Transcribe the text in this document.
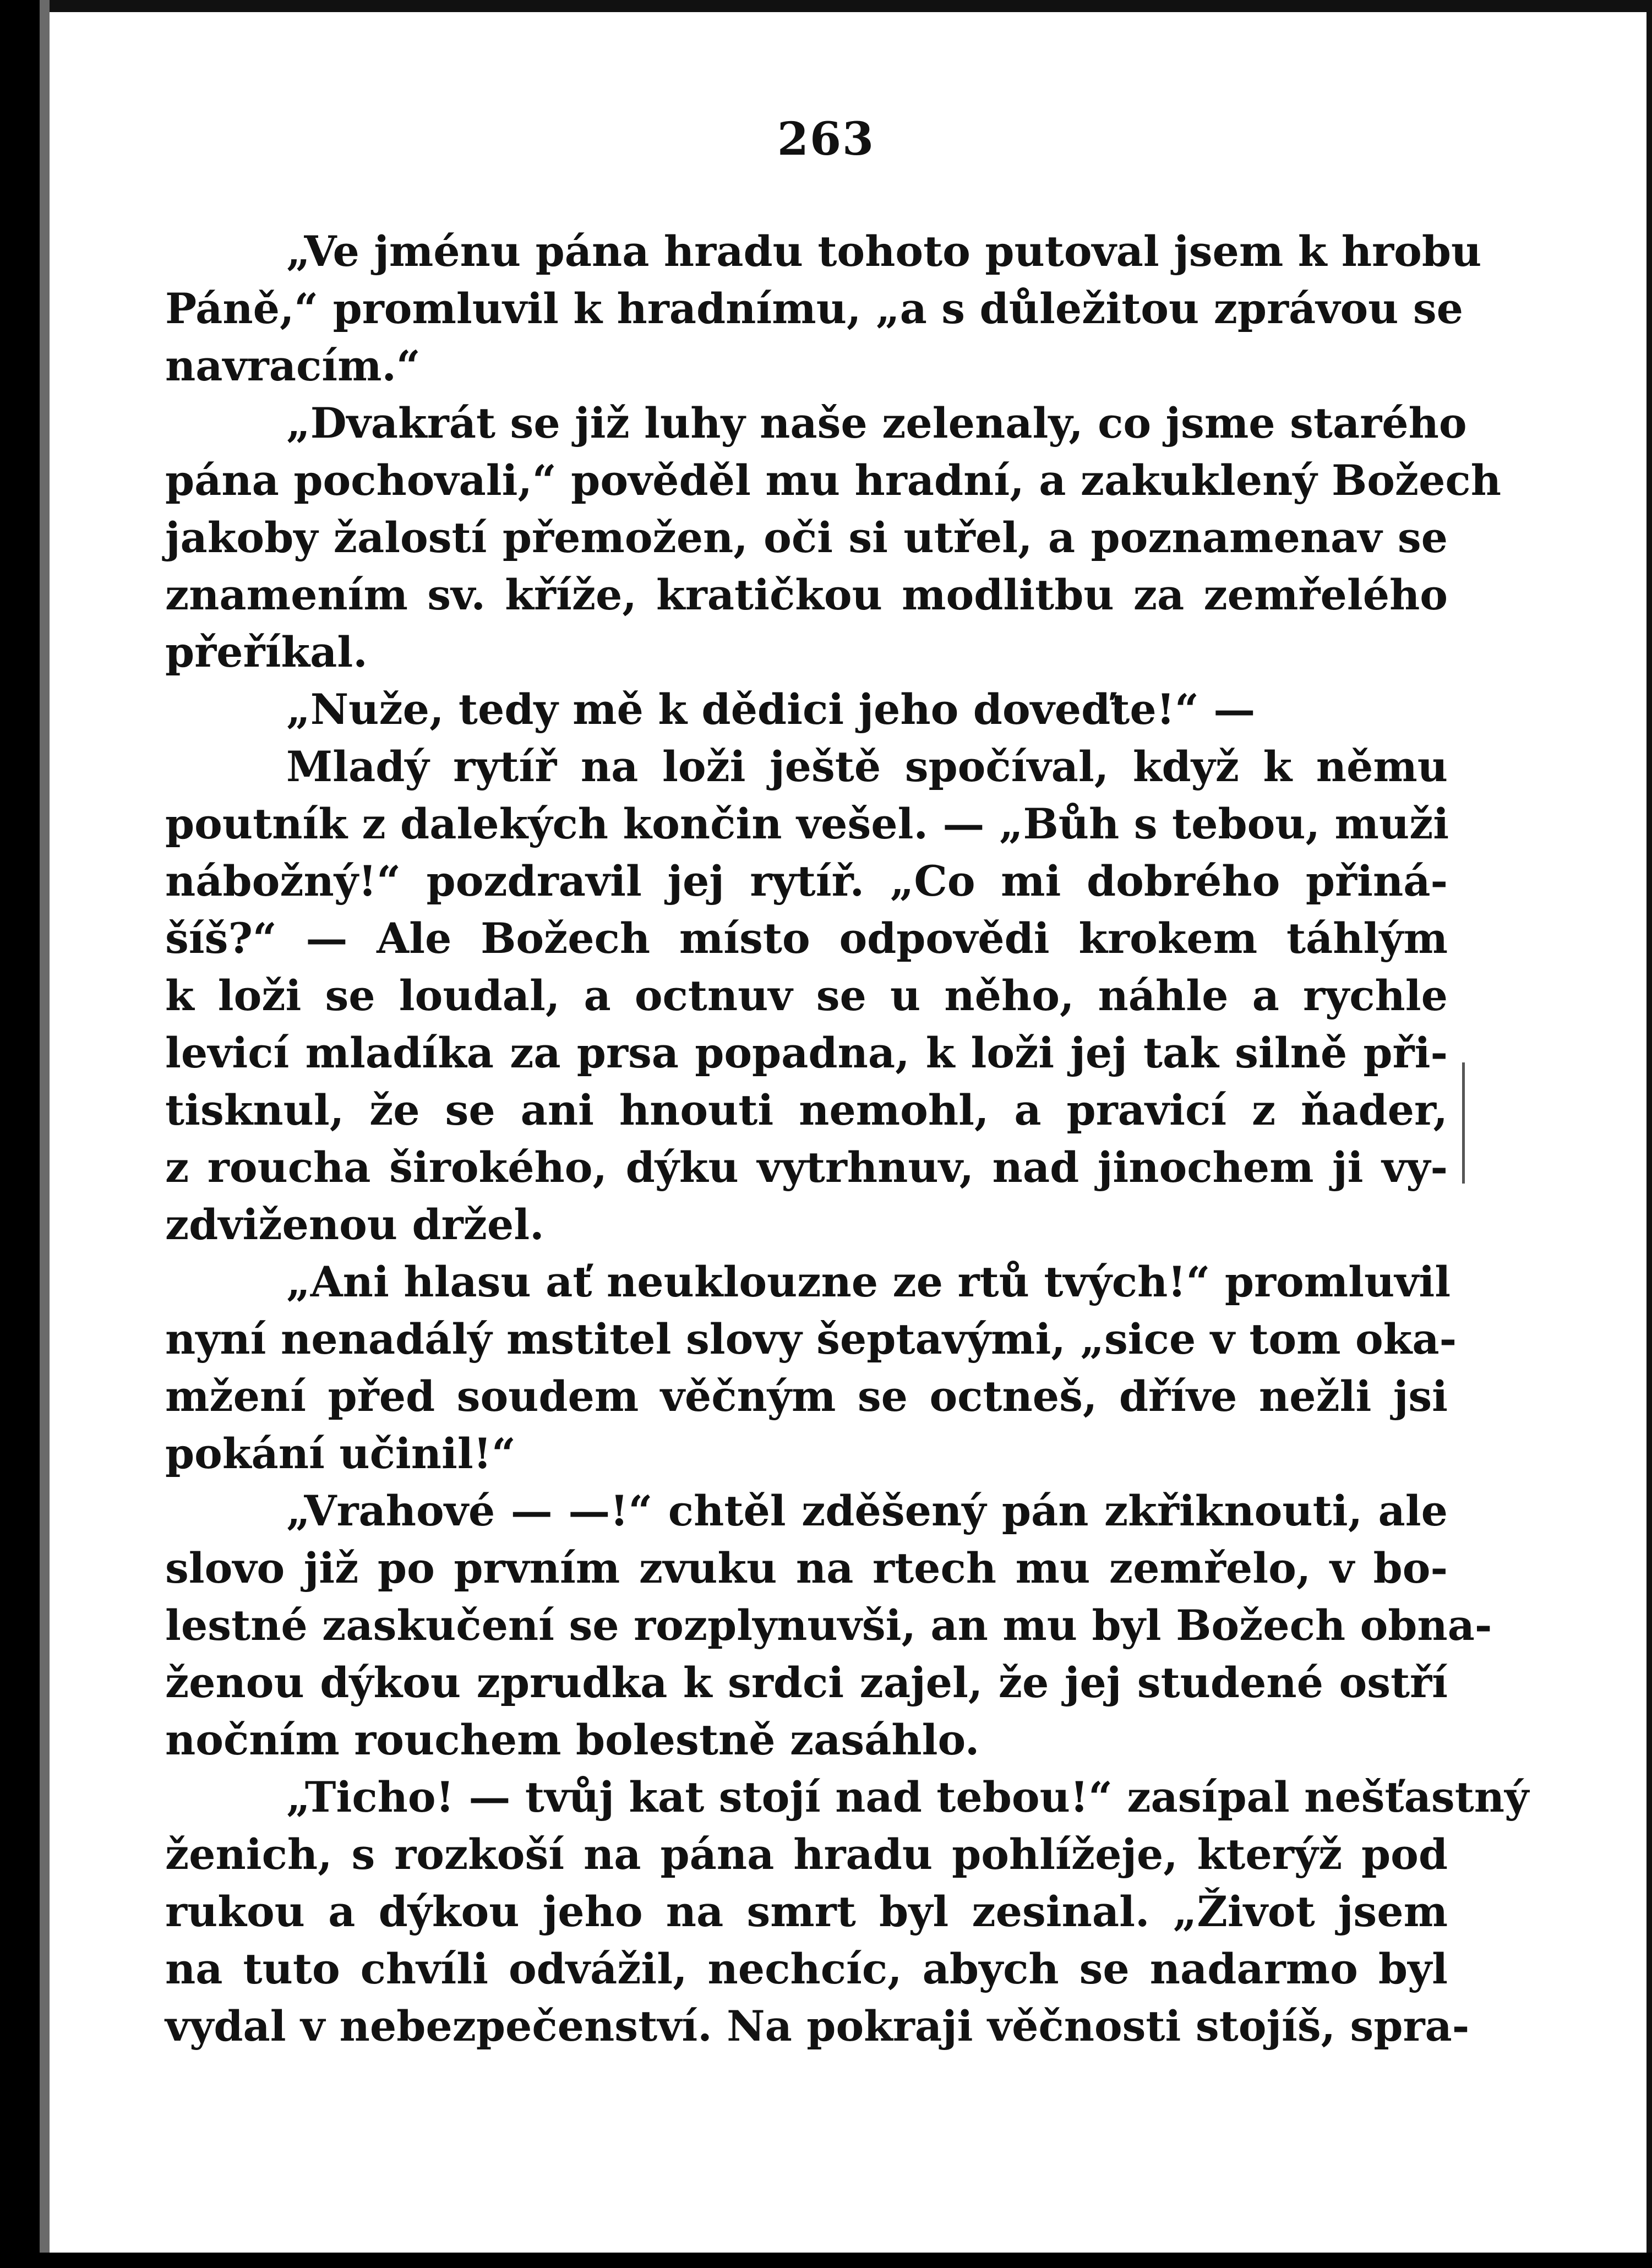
263
„Ve jménu pána hradu tohoto putoval jsem k hrobu
Páně,“ promluvil k hradnímu, „a s důležitou zprávou se
navracím.“
„Dvakrát se již luhy naše zelenaly, co jsme starého
pána pochovali,“ pověděl mu hradní, a zakuklený Božech
jakoby žalostí přemožen, oči si utřel, a poznamenav se
znamením sv. kříže, kratičkou modlitbu za zemřelého
přeříkal.
„Nuže, tedy mě k dědici jeho doveďte!“ —
Mladý rytíř na loži ještě spočíval, když k němu
poutník z dalekých končin vešel. — „Bůh s tebou, muži
nábožný!“ pozdravil jej rytíř. „Co mi dobrého přiná-
šíš?“ — Ale Božech místo odpovědi krokem táhlým
k loži se loudal, a octnuv se u něho, náhle a rychle
levicí mladíka za prsa popadna, k loži jej tak silně při-
tisknul, že se ani hnouti nemohl, a pravicí z ňader,
z roucha širokého, dýku vytrhnuv, nad jinochem ji vy-
zdviženou držel.
„Ani hlasu ať neuklouzne ze rtů tvých!“ promluvil
nyní nenadálý mstitel slovy šeptavými, „sice v tom oka-
mžení před soudem věčným se octneš, dříve nežli jsi
pokání učinil!“
„Vrahové — —!“ chtěl zděšený pán zkřiknouti, ale
slovo již po prvním zvuku na rtech mu zemřelo, v bo-
lestné zaskučení se rozplynuvši, an mu byl Božech obna-
ženou dýkou zprudka k srdci zajel, že jej studené ostří
nočním rouchem bolestně zasáhlo.
„Ticho! — tvůj kat stojí nad tebou!“ zasípal nešťastný
ženich, s rozkoší na pána hradu pohlížeje, kterýž pod
rukou a dýkou jeho na smrt byl zesinal. „Život jsem
na tuto chvíli odvážil, nechcíc, abych se nadarmo byl
vydal v nebezpečenství. Na pokraji věčnosti stojíš, spra-
